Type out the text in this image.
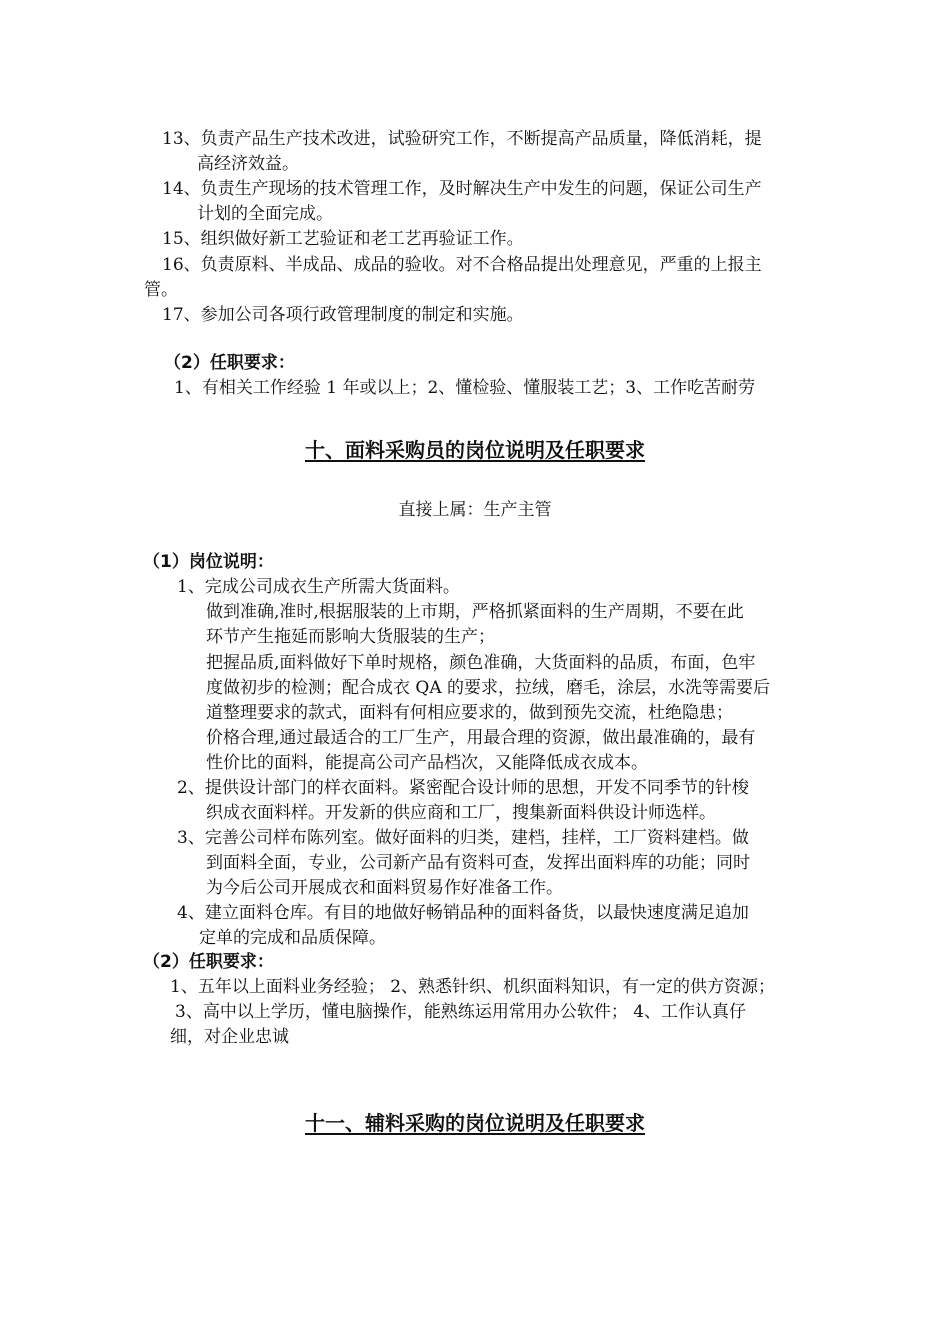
13、负责产品生产技术改进，试验研究工作，不断提高产品质量，降低消耗，提
高经济效益。
14、负责生产现场的技术管理工作，及时解决生产中发生的问题，保证公司生产
计划的全面完成。
15、组织做好新工艺验证和老工艺再验证工作。
16、负责原料、半成品、成品的验收。对不合格品提出处理意见，严重的上报主
管。
17、参加公司各项行政管理制度的制定和实施。
（2）任职要求：
1、有相关工作经验 1 年或以上；2、懂检验、懂服装工艺；3、工作吃苦耐劳
十、面料采购员的岗位说明及任职要求
直接上属：生产主管
（1）岗位说明：
1、完成公司成衣生产所需大货面料。
做到准确,准时,根据服装的上市期，严格抓紧面料的生产周期，不要在此
环节产生拖延而影响大货服装的生产；
把握品质,面料做好下单时规格，颜色准确，大货面料的品质，布面，色牢
度做初步的检测；配合成衣 QA 的要求，拉绒，磨毛，涂层，水洗等需要后
道整理要求的款式，面料有何相应要求的，做到预先交流，杜绝隐患；
价格合理,通过最适合的工厂生产，用最合理的资源，做出最准确的，最有
性价比的面料，能提高公司产品档次，又能降低成衣成本。
2、提供设计部门的样衣面料。紧密配合设计师的思想，开发不同季节的针梭
织成衣面料样。开发新的供应商和工厂，搜集新面料供设计师选样。
3、完善公司样布陈列室。做好面料的归类，建档，挂样，工厂资料建档。做
到面料全面，专业，公司新产品有资料可查，发挥出面料库的功能；同时
为今后公司开展成衣和面料贸易作好准备工作。
4、建立面料仓库。有目的地做好畅销品种的面料备货，以最快速度满足追加
定单的完成和品质保障。
（2）任职要求：
1、五年以上面料业务经验； 2、熟悉针织、机织面料知识，有一定的供方资源；
3、高中以上学历，懂电脑操作，能熟练运用常用办公软件； 4、工作认真仔
细，对企业忠诚
十一、辅料采购的岗位说明及任职要求
